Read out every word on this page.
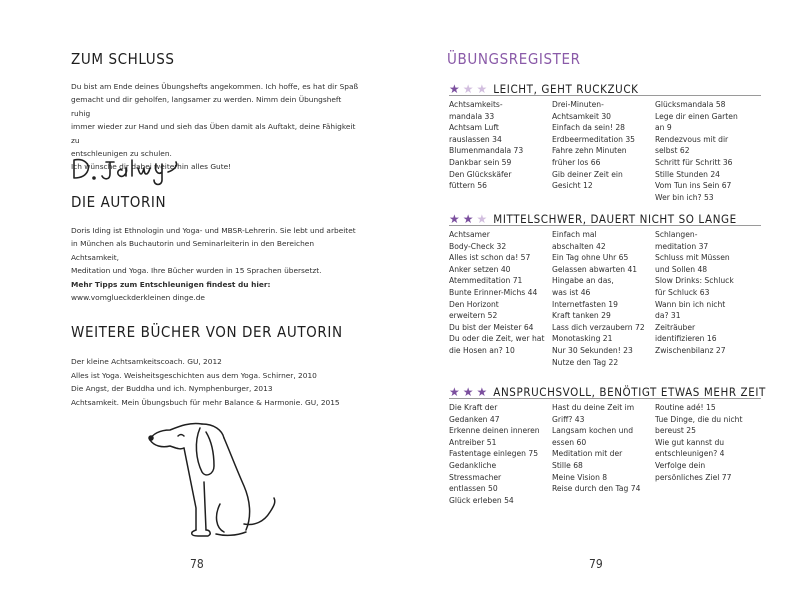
ZUM SCHLUSS

Du bist am Ende deines Übungshefts angekommen. Ich hoffe, es hat dir Spaß

gemacht und dir geholfen, langsamer zu werden. Nimm dein Übungsheft ruhig

immer wieder zur Hand und sieh das Üben damit als Auftakt, deine Fähigkeit zu

entschleunigen zu schulen.

Ich wünsche dir dabei weiterhin alles Gute!

DIE AUTORIN

Doris Iding ist Ethnologin und Yoga- und MBSR-Lehrerin. Sie lebt und arbeitet

in München als Buchautorin und Seminarleiterin in den Bereichen Achtsamkeit,

Meditation und Yoga. Ihre Bücher wurden in 15 Sprachen übersetzt.

Mehr Tipps zum Entschleunigen findest du hier:

www.vomglueckderkleinen dinge.de

WEITERE BÜCHER VON DER AUTORIN
Der kleine Achtsamkeitscoach. GU, 2012
Alles ist Yoga. Weisheitsgeschichten aus dem Yoga. Schirner, 2010
Die Angst, der Buddha und ich. Nymphenburger, 2013
Achtsamkeit. Mein Übungsbuch für mehr Balance & Harmonie. GU, 2015
78
ÜBUNGSREGISTER
★ ★ ★ LEICHT, GEHT RUCKZUCK
Achtsamkeits-
mandala 33
Achtsam Luft
rauslassen 34
Blumenmandala 73
Dankbar sein 59
Den Glückskäfer
füttern 56
Drei-Minuten-
Achtsamkeit 30
Einfach da sein! 28
Erdbeermeditation 35
Fahre zehn Minuten
früher los 66
Gib deiner Zeit ein
Gesicht 12
Glücksmandala 58
Lege dir einen Garten
an 9
Rendezvous mit dir
selbst 62
Schritt für Schritt 36
Stille Stunden 24
Vom Tun ins Sein 67
Wer bin ich? 53
★ ★ ★ MITTELSCHWER, DAUERT NICHT SO LANGE
Achtsamer
Body-Check 32
Alles ist schon da! 57
Anker setzen 40
Atemmeditation 71
Bunte Erinner-Michs 44
Den Horizont
erweitern 52
Du bist der Meister 64
Du oder die Zeit, wer hat
die Hosen an? 10
Einfach mal
abschalten 42
Ein Tag ohne Uhr 65
Gelassen abwarten 41
Hingabe an das,
was ist 46
Internetfasten 19
Kraft tanken 29
Lass dich verzaubern 72
Monotasking 21
Nur 30 Sekunden! 23
Nutze den Tag 22
Schlangen-
meditation 37
Schluss mit Müssen
und Sollen 48
Slow Drinks: Schluck
für Schluck 63
Wann bin ich nicht
da? 31
Zeiträuber
identifizieren 16
Zwischenbilanz 27
★ ★ ★ ANSPRUCHSVOLL, BENÖTIGT ETWAS MEHR ZEIT
Die Kraft der
Gedanken 47
Erkenne deinen inneren
Antreiber 51
Fastentage einlegen 75
Gedankliche Stressmacher
entlassen 50
Glück erleben 54
Hast du deine Zeit im
Griff? 43
Langsam kochen und
essen 60
Meditation mit der
Stille 68
Meine Vision 8
Reise durch den Tag 74
Routine adé! 15
Tue Dinge, die du nicht
bereust 25
Wie gut kannst du
entschleunigen? 4
Verfolge dein
persönliches Ziel 77
79
